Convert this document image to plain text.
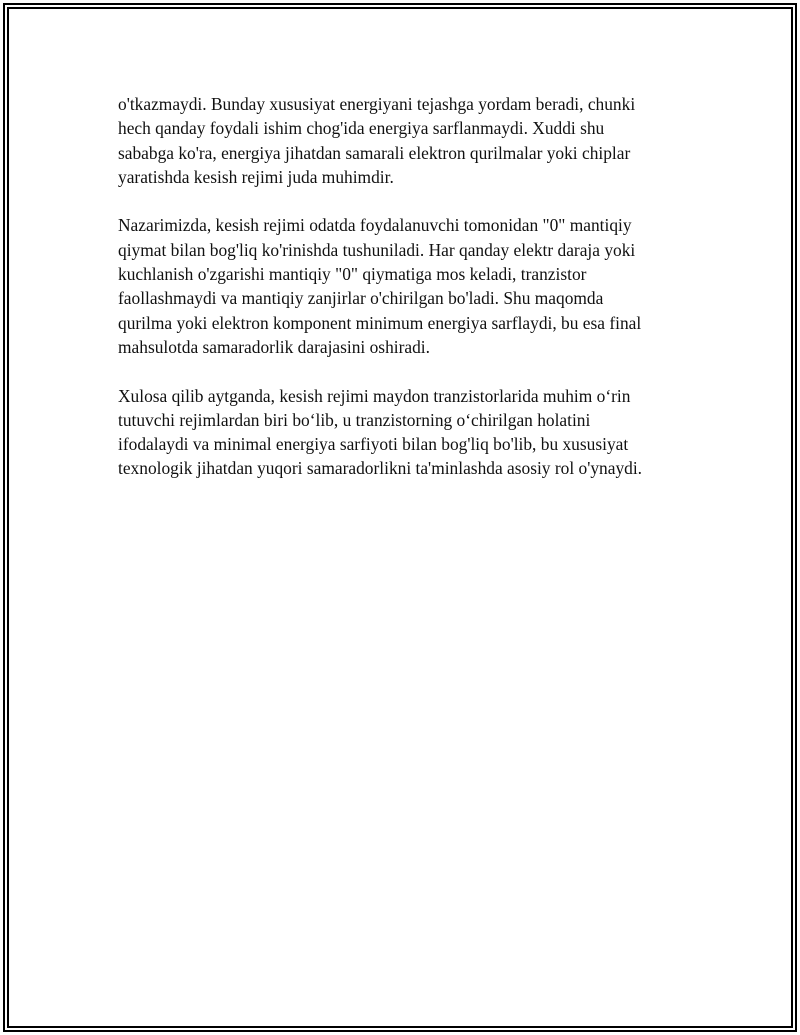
o'tkazmaydi. Bunday xususiyat energiyani tejashga yordam beradi, chunki
hech qanday foydali ishim chog'ida energiya sarflanmaydi. Xuddi shu
sababga ko'ra, energiya jihatdan samarali elektron qurilmalar yoki chiplar
yaratishda kesish rejimi juda muhimdir.

Nazarimizda, kesish rejimi odatda foydalanuvchi tomonidan "0" mantiqiy
qiymat bilan bog'liq ko'rinishda tushuniladi. Har qanday elektr daraja yoki
kuchlanish o'zgarishi mantiqiy "0" qiymatiga mos keladi, tranzistor
faollashmaydi va mantiqiy zanjirlar o'chirilgan bo'ladi. Shu maqomda
qurilma yoki elektron komponent minimum energiya sarflaydi, bu esa final
mahsulotda samaradorlik darajasini oshiradi.

Xulosa qilib aytganda, kesish rejimi maydon tranzistorlarida muhim o‘rin
tutuvchi rejimlardan biri bo‘lib, u tranzistorning o‘chirilgan holatini
ifodalaydi va minimal energiya sarfiyoti bilan bog'liq bo'lib, bu xususiyat
texnologik jihatdan yuqori samaradorlikni ta'minlashda asosiy rol o'ynaydi.
